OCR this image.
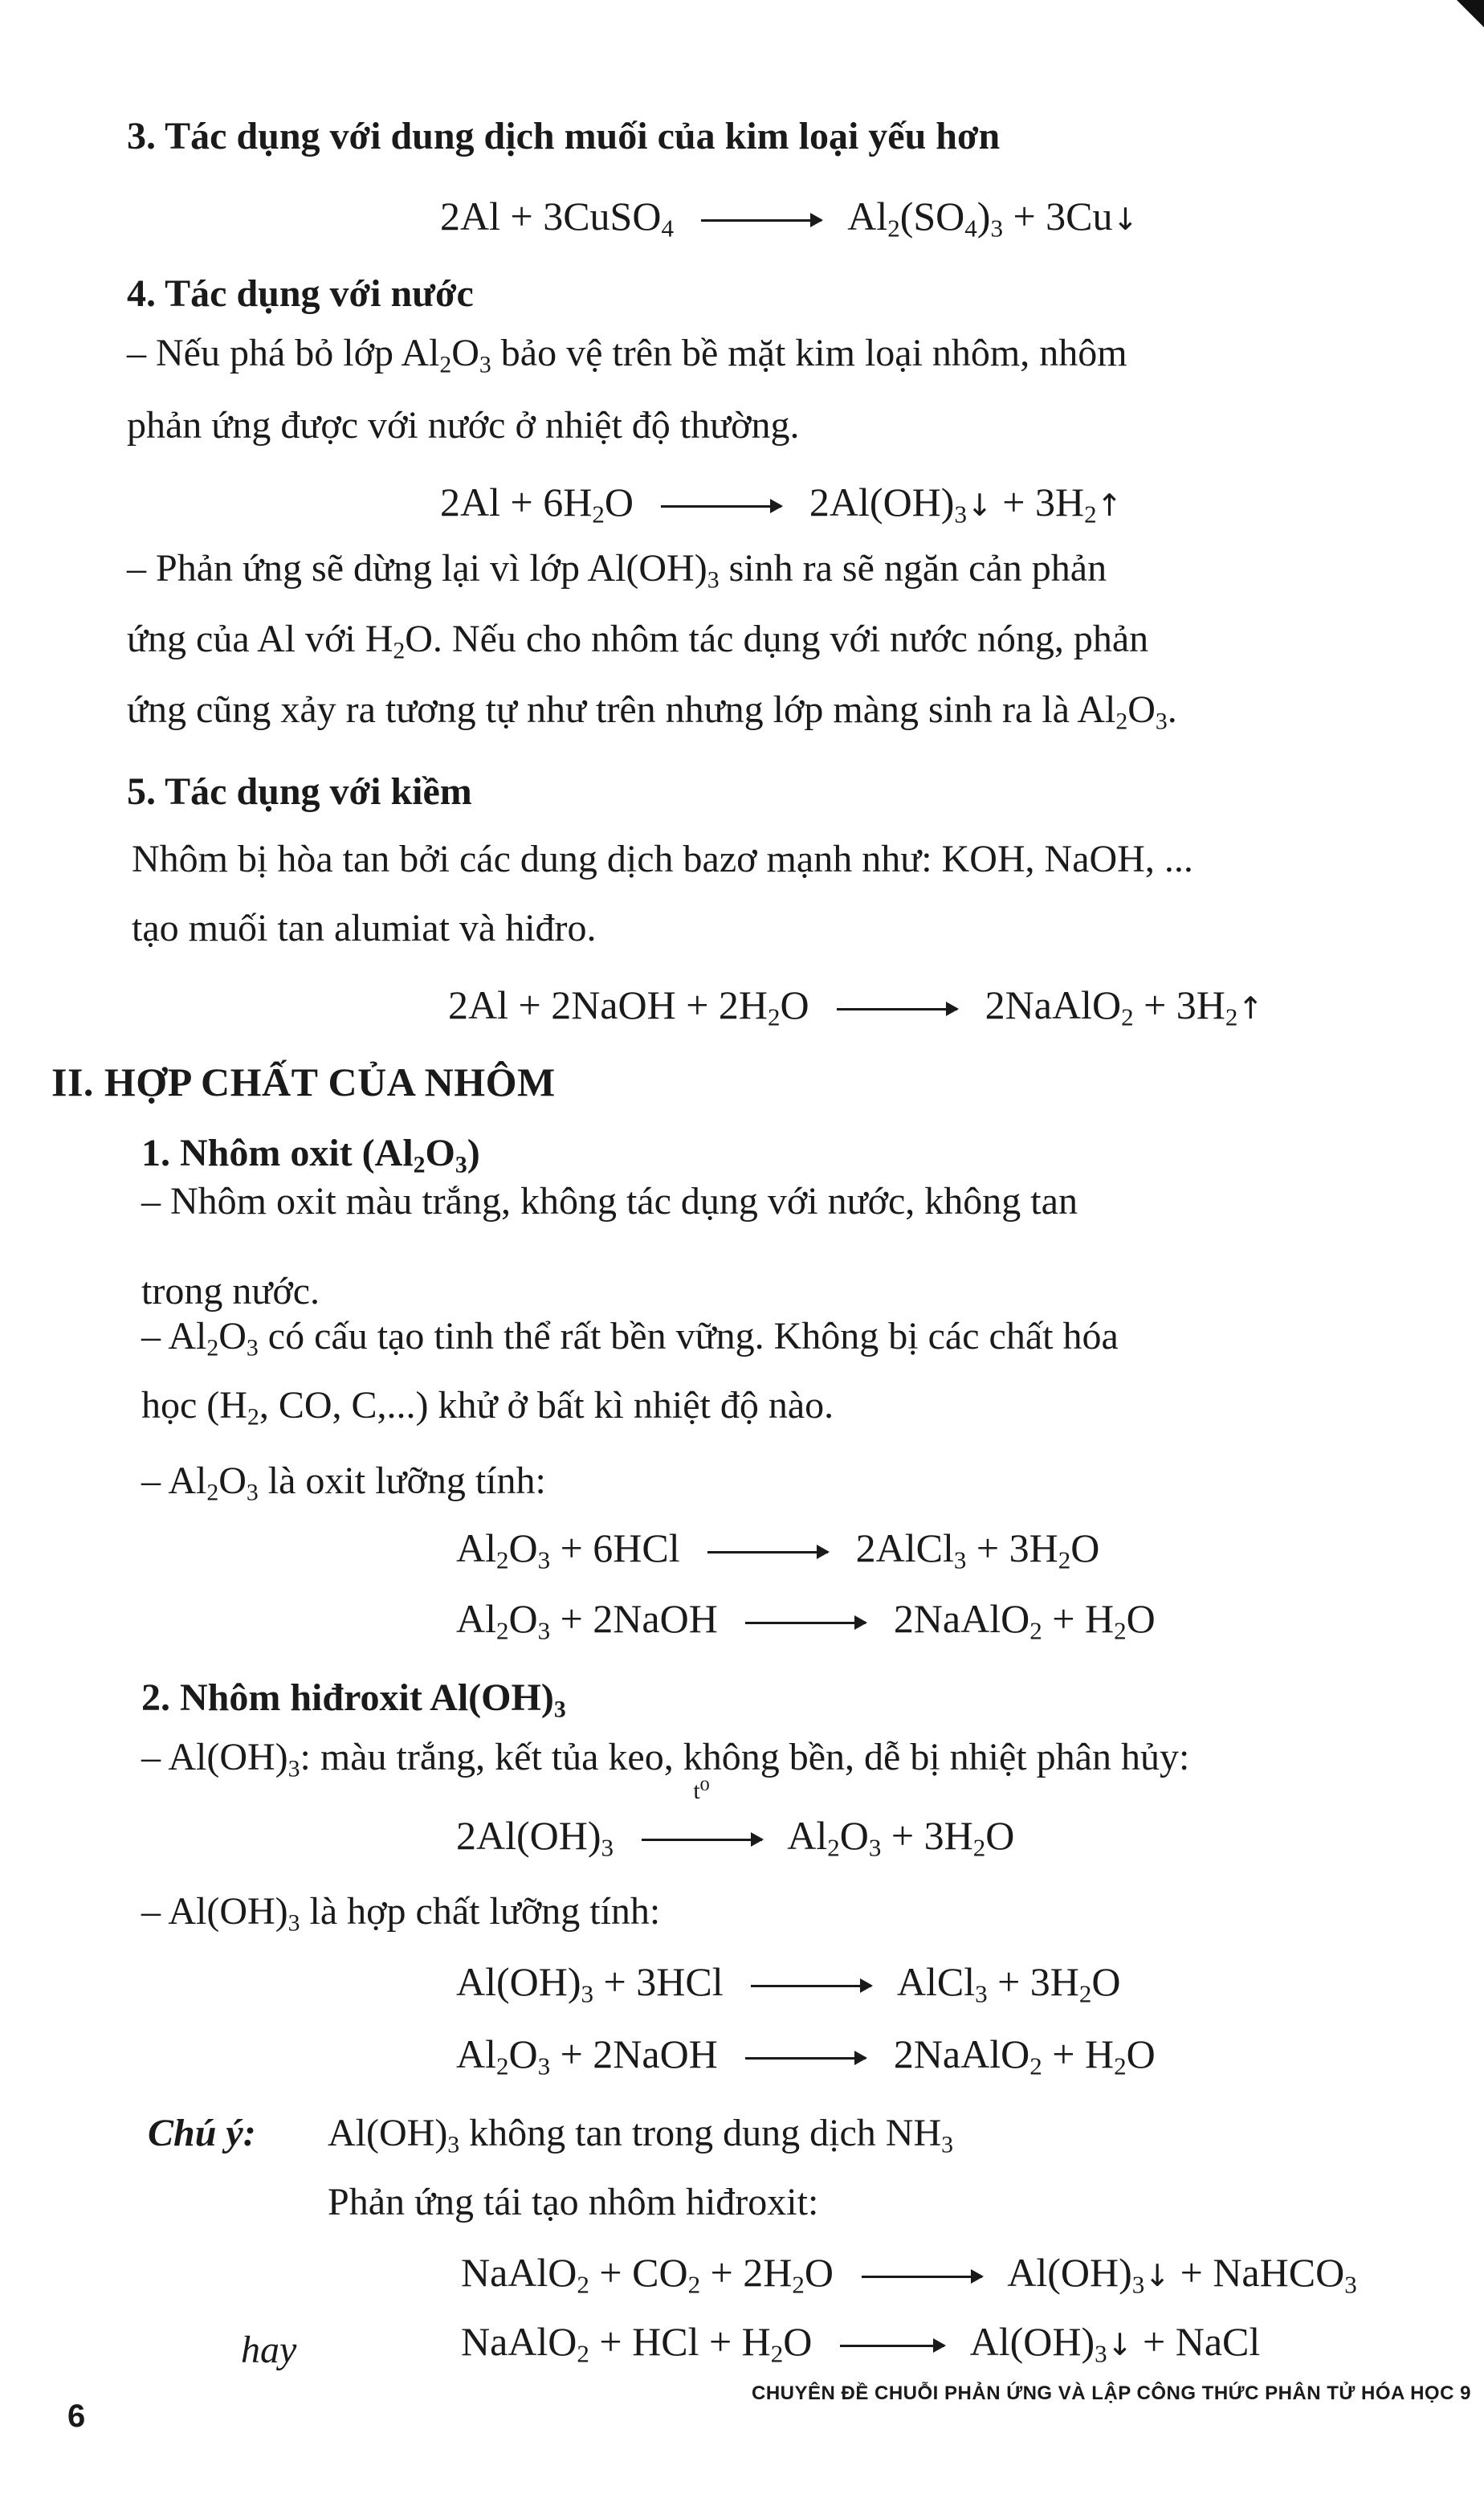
3. Tác dụng với dung dịch muối của kim loại yếu hơn
2Al + 3CuSO$_4$ → $Al_2(SO_4)_3$ + 3Cu↓
4. Tác dụng với nước
– Nếu phá bỏ lớp $Al_2O_3$ bảo vệ trên bề mặt kim loại nhôm, nhôm
phản ứng được với nước ở nhiệt độ thường.
$2Al + 6H_2O$ → $2Al(OH)_3↓$ + $3H_2↑$
– Phản ứng sẽ dừng lại vì lớp $Al(OH)_3$ sinh ra sẽ ngăn cản phản
ứng của Al với $H_2O$. Nếu cho nhôm tác dụng với nước nóng, phản
ứng cũng xảy ra tương tự như trên nhưng lớp màng sinh ra là $Al_2O_3$.
5. Tác dụng với kiềm
Nhôm bị hòa tan bởi các dung dịch bazơ mạnh như: KOH, NaOH, ...
tạo muối tan alumiat và hiđro.
2Al + 2NaOH + $2H_2O$ → 2NaAlO$_2$ + $3H_2↑$
II. HỢP CHẤT CỦA NHÔM
1. Nhôm oxit $(Al_2O_3)$
– Nhôm oxit màu trắng, không tác dụng với nước, không tan
trong nước.
– $Al_2O_3$ có cấu tạo tinh thể rất bền vững. Không bị các chất hóa
học ($H_2$, CO, C,...) khử ở bất kì nhiệt độ nào.
– $Al_2O_3$ là oxit lưỡng tính:
$Al_2O_3 + 6HCl$ → 2AlCl$_3$ + $3H_2O$
$Al_2O_3$ + 2NaOH → 2NaAlO$_2$ + $H_2O$
2. Nhôm hiđroxit $Al(OH)_3$
– $Al(OH)_3$: màu trắng, kết tủa keo, không bền, dễ bị nhiệt phân hủy:
$2Al(OH)_3$
t⁰
$Al_2O_3 + 3H_2O$
– $Al(OH)_3$ là hợp chất lưỡng tính:
$Al(OH)_3 + 3HCl$ → AlCl$_3$ + $3H_2O$
$Al_2O_3$ + 2NaOH → 2NaAlO$_2$ + $H_2O$
Chú ý: $Al(OH)_3$ không tan trong dung dịch $NH_3$
Phản ứng tái tạo nhôm hiđroxit:
NaAlO$_2$ + $CO_2 + 2H_2O$ → $Al(OH)_3↓$ + NaHCO$_3$
hay	NaAlO$_2$ + HCl + $H_2O$ → $Al(OH)_3↓$ + NaCl
6
CHUYÊN ĐỀ CHUỖI PHẢN ỨNG VÀ LẬP CÔNG THỨC PHÂN TỬ HÓA HỌC 9
